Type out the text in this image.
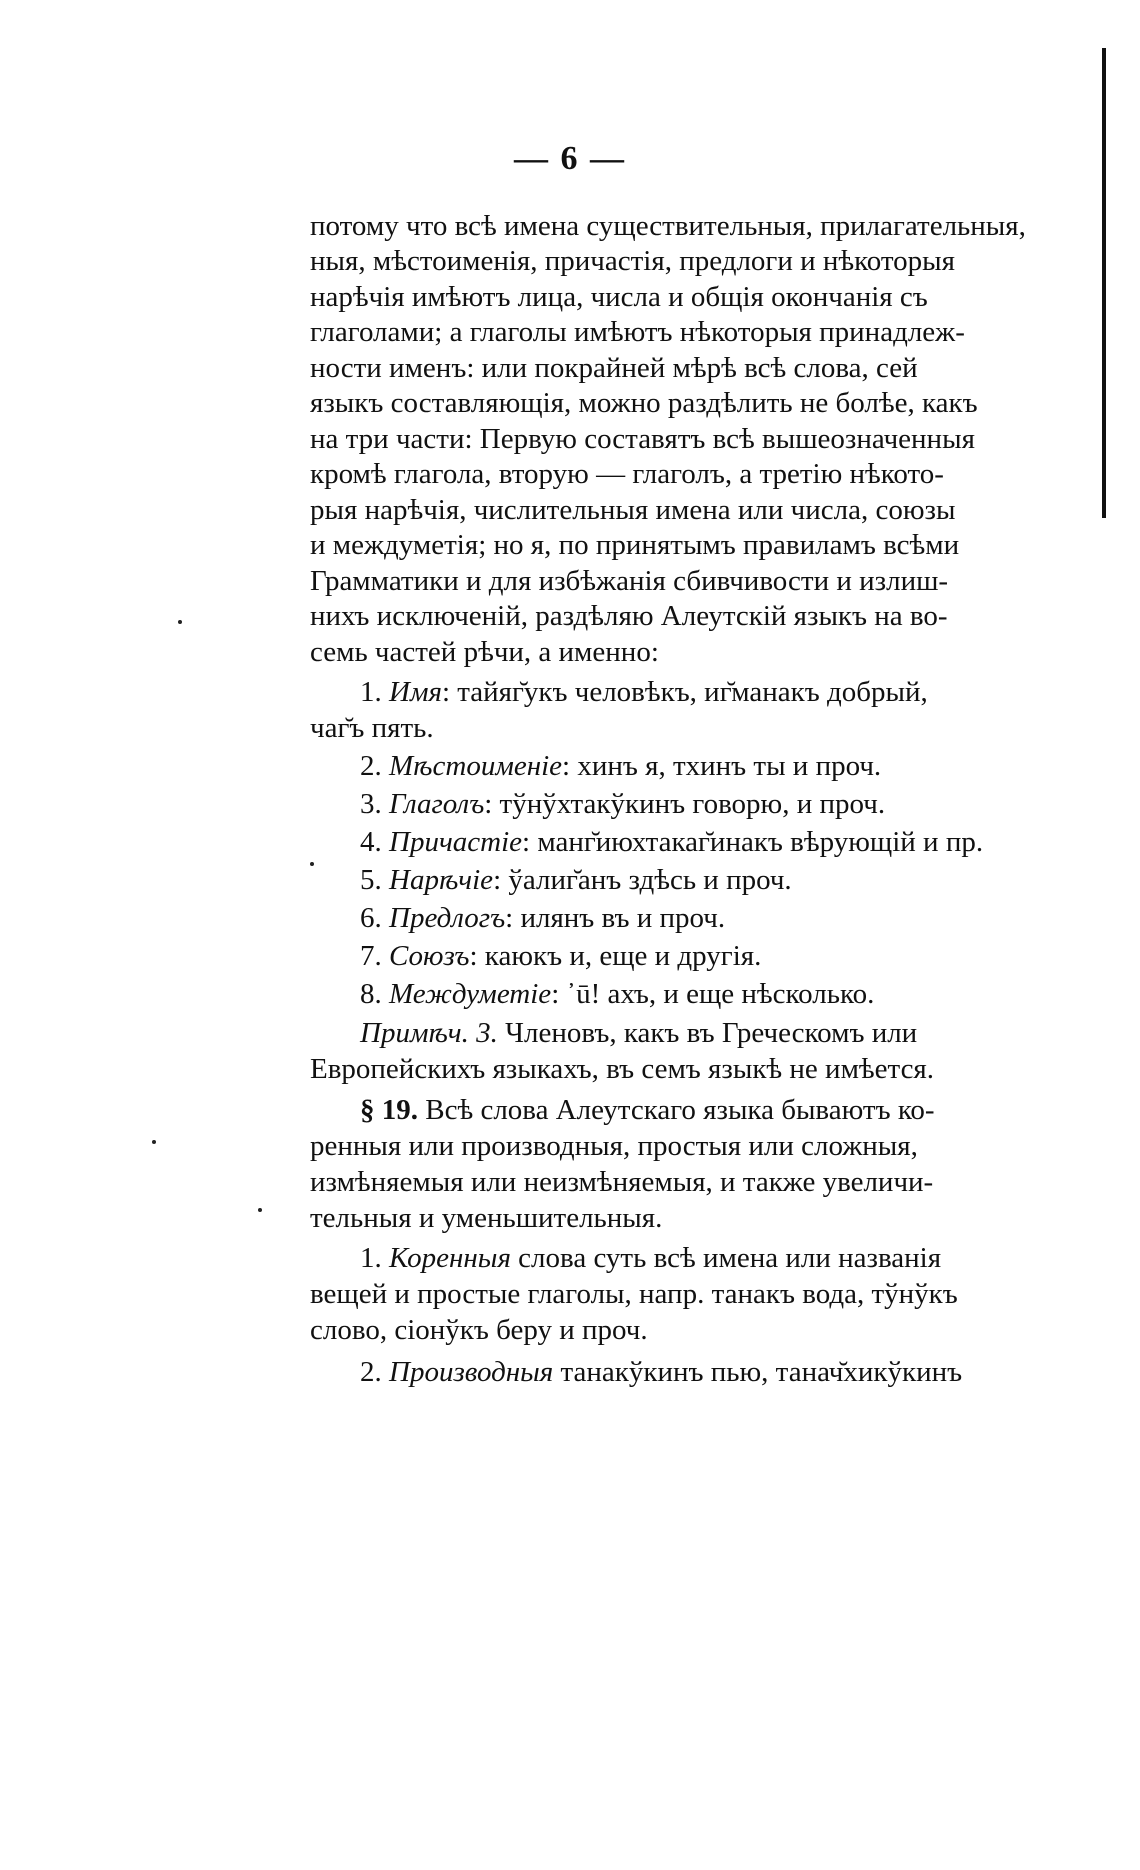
— 6 —
потому что всѣ имена существительныя, прилагательныя,
ныя, мѣстоименія, причастія, предлоги и нѣкоторыя
нарѣчія имѣютъ лица, числа и общія окончанія съ
глаголами; а глаголы имѣютъ нѣкоторыя принадлеж-
ности именъ: или покрайней мѣрѣ всѣ слова, сей
языкъ составляющія, можно раздѣлить не болѣе, какъ
на три части: Первую составятъ всѣ вышеозначенныя
кромѣ глагола, вторую — глаголъ, а третію нѣкото-
рыя нарѣчія, числительныя имена или числа, союзы
и междуметія; но я, по принятымъ правиламъ всѣми
Грамматики и для избѣжанія сбивчивости и излиш-
нихъ исключеній, раздѣляю Алеутскій языкъ на во-
семь частей рѣчи, а именно:
1. Имя: тайяг̆укъ человѣкъ, иг̆манакъ добрый,
чаг̆ъ пять.
2. Мѣстоименіе: хинъ я, тхинъ ты и проч.
3. Глаголъ: тўнўхтакўкинъ говорю, и проч.
4. Причастіе: манг̆июхтакаг̆инакъ вѣрующій и пр.
5. Нарѣчіе: ўалиг̆анъ здѣсь и проч.
6. Предлогъ: илянъ въ и проч.
7. Союзъ: каюкъ и, еще и другія.
8. Междуметіе: ᾿ū! ахъ, и еще нѣсколько.
Примѣч. 3. Членовъ, какъ въ Греческомъ или
Европейскихъ языкахъ, въ семъ языкѣ не имѣется.
§ 19. Всѣ слова Алеутскаго языка бываютъ ко-
ренныя или производныя, простыя или сложныя,
измѣняемыя или неизмѣняемыя, и также увеличи-
тельныя и уменьшительныя.
1. Коренныя слова суть всѣ имена или названія
вещей и простые глаголы, напр. танакъ вода, тўнўкъ
слово, сіонўкъ беру и проч.
2. Производныя танакўкинъ пью, танач̆хикўкинъ
